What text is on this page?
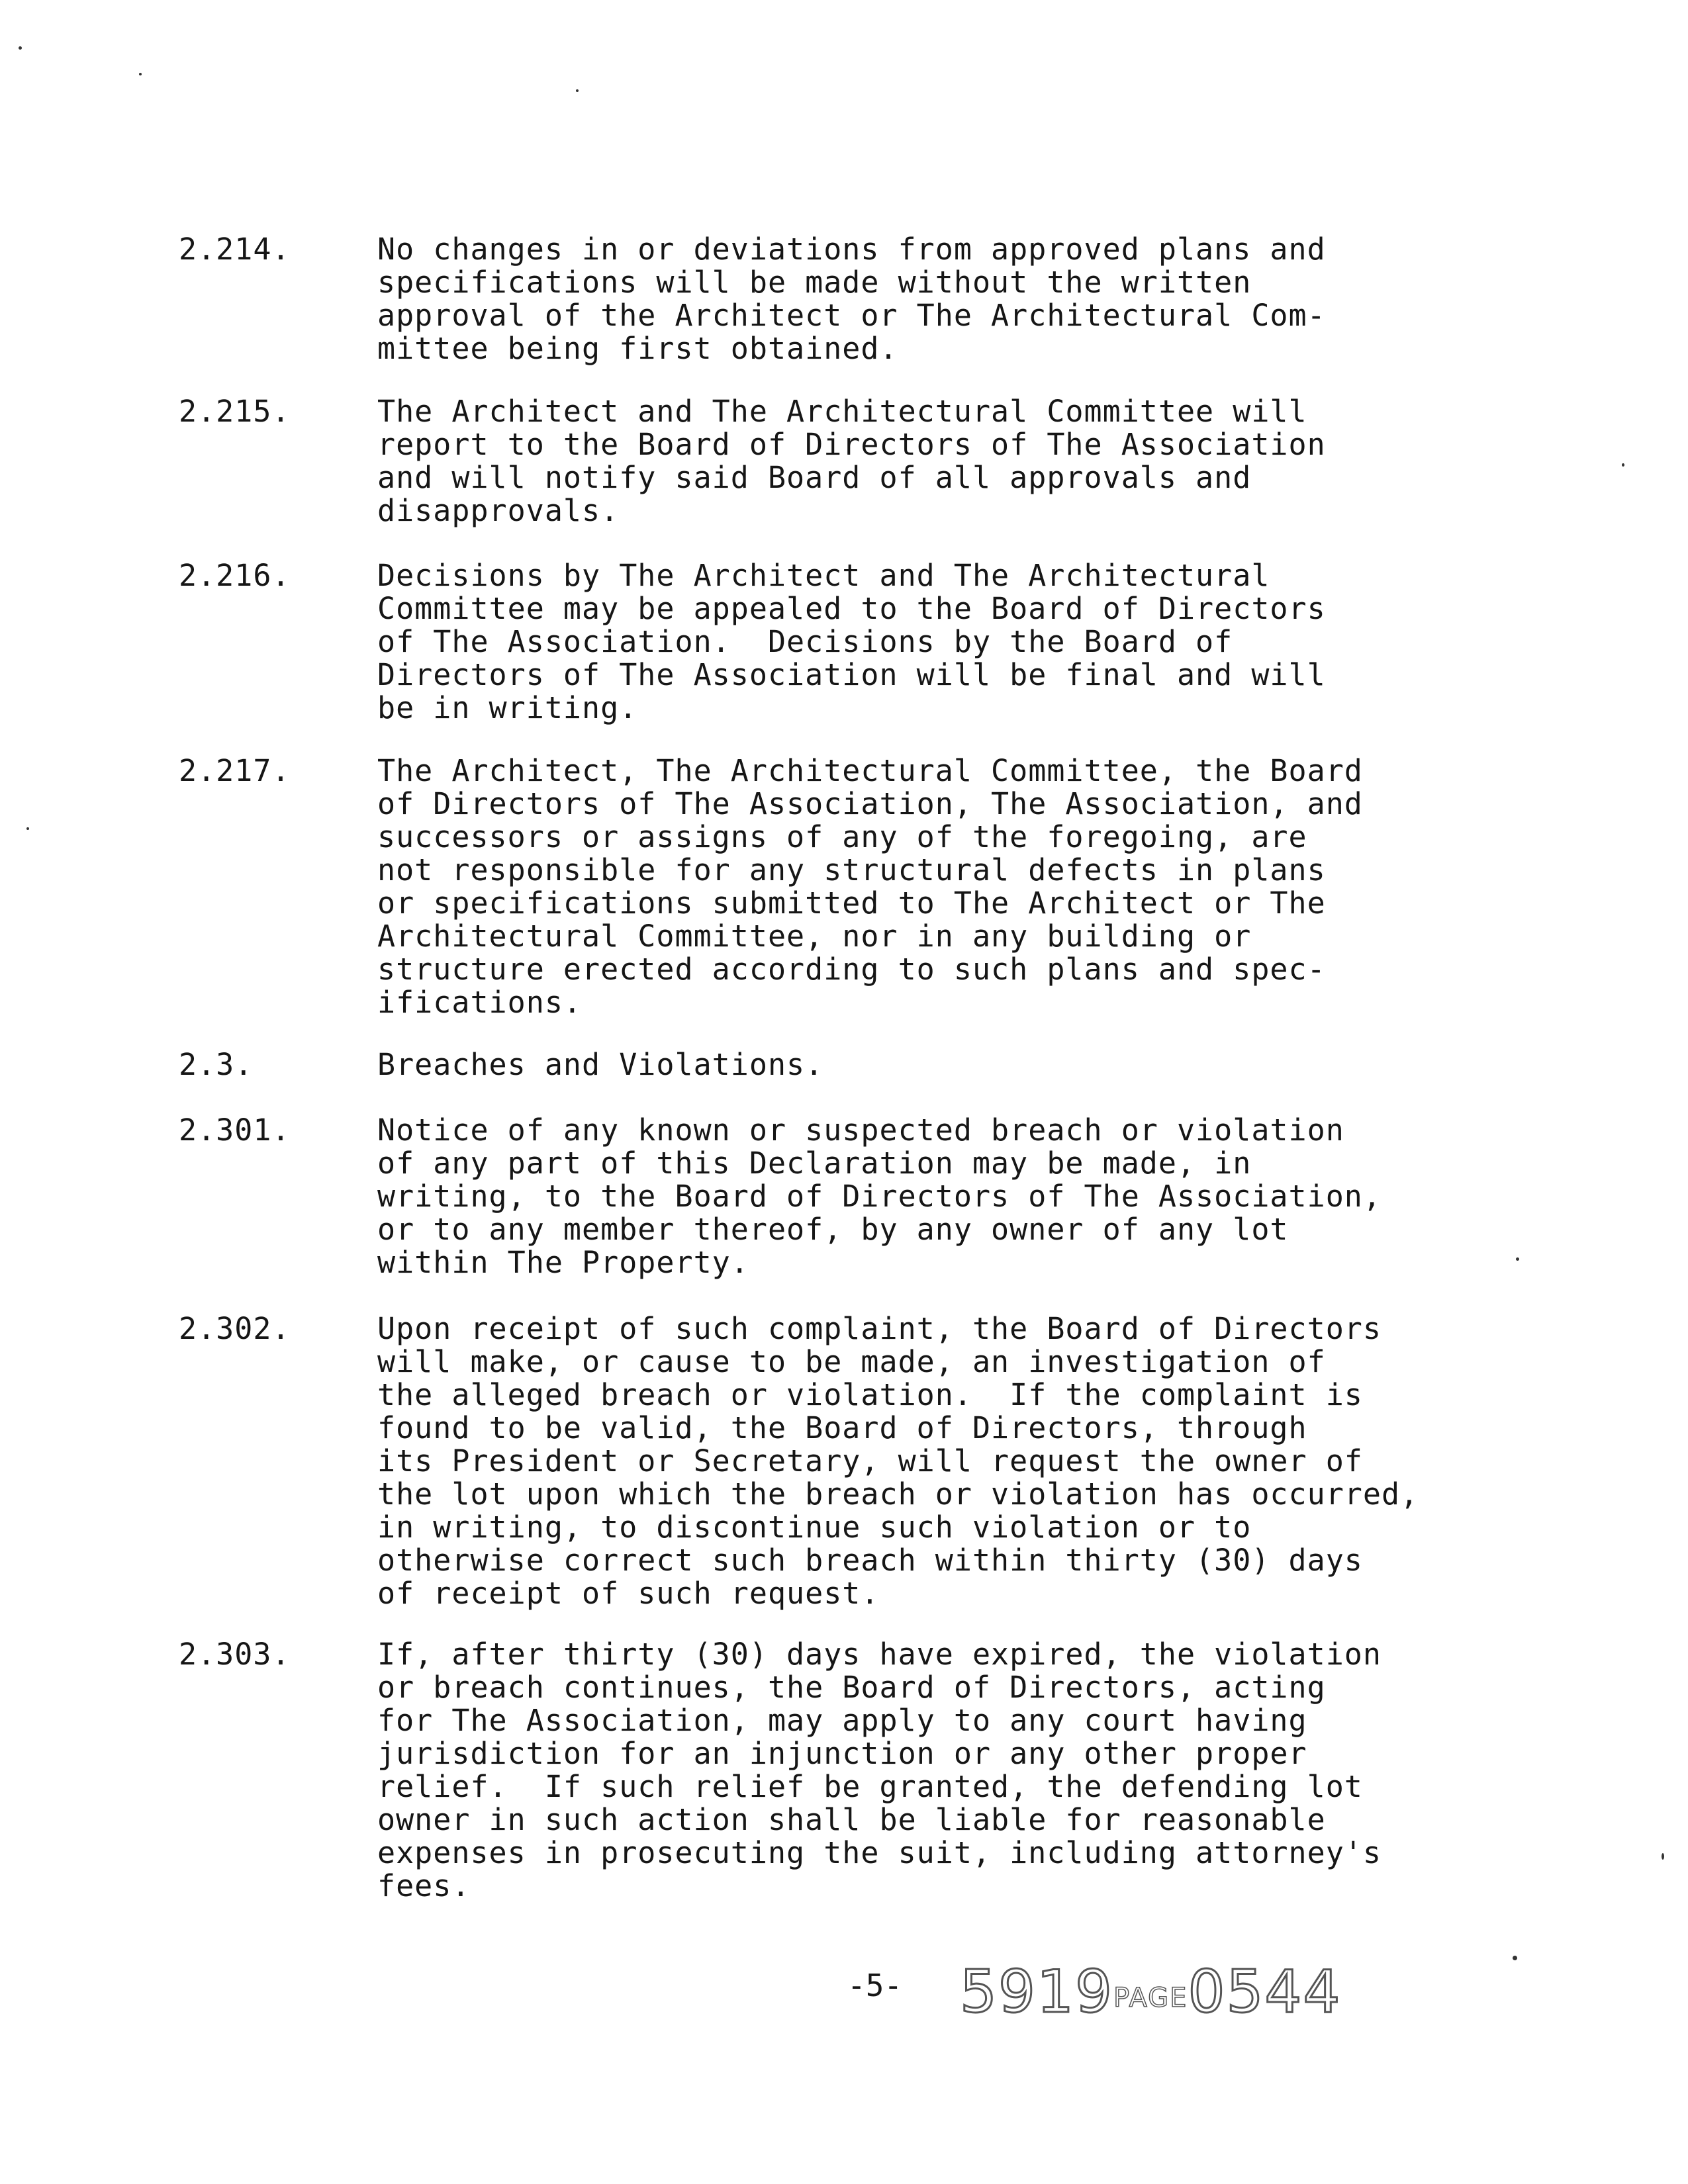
2.214.	No changes in or deviations from approved plans and
specifications will be made without the written
approval of the Architect or The Architectural Com-
mittee being first obtained.
2.215.	The Architect and The Architectural Committee will
report to the Board of Directors of The Association
and will notify said Board of all approvals and
disapprovals.
2.216.	Decisions by The Architect and The Architectural
Committee may be appealed to the Board of Directors
of The Association.  Decisions by the Board of
Directors of The Association will be final and will
be in writing.
2.217.	The Architect, The Architectural Committee, the Board
of Directors of The Association, The Association, and
successors or assigns of any of the foregoing, are
not responsible for any structural defects in plans
or specifications submitted to The Architect or The
Architectural Committee, nor in any building or
structure erected according to such plans and spec-
ifications.
2.3.	Breaches and Violations.
2.301.	Notice of any known or suspected breach or violation
of any part of this Declaration may be made, in
writing, to the Board of Directors of The Association,
or to any member thereof, by any owner of any lot
within The Property.
2.302.	Upon receipt of such complaint, the Board of Directors
will make, or cause to be made, an investigation of
the alleged breach or violation.  If the complaint is
found to be valid, the Board of Directors, through
its President or Secretary, will request the owner of
the lot upon which the breach or violation has occurred,
in writing, to discontinue such violation or to
otherwise correct such breach within thirty (30) days
of receipt of such request.
2.303.	If, after thirty (30) days have expired, the violation
or breach continues, the Board of Directors, acting
for The Association, may apply to any court having
jurisdiction for an injunction or any other proper
relief.  If such relief be granted, the defending lot
owner in such action shall be liable for reasonable
expenses in prosecuting the suit, including attorney's
fees.
-5- 5919PAGE0544
